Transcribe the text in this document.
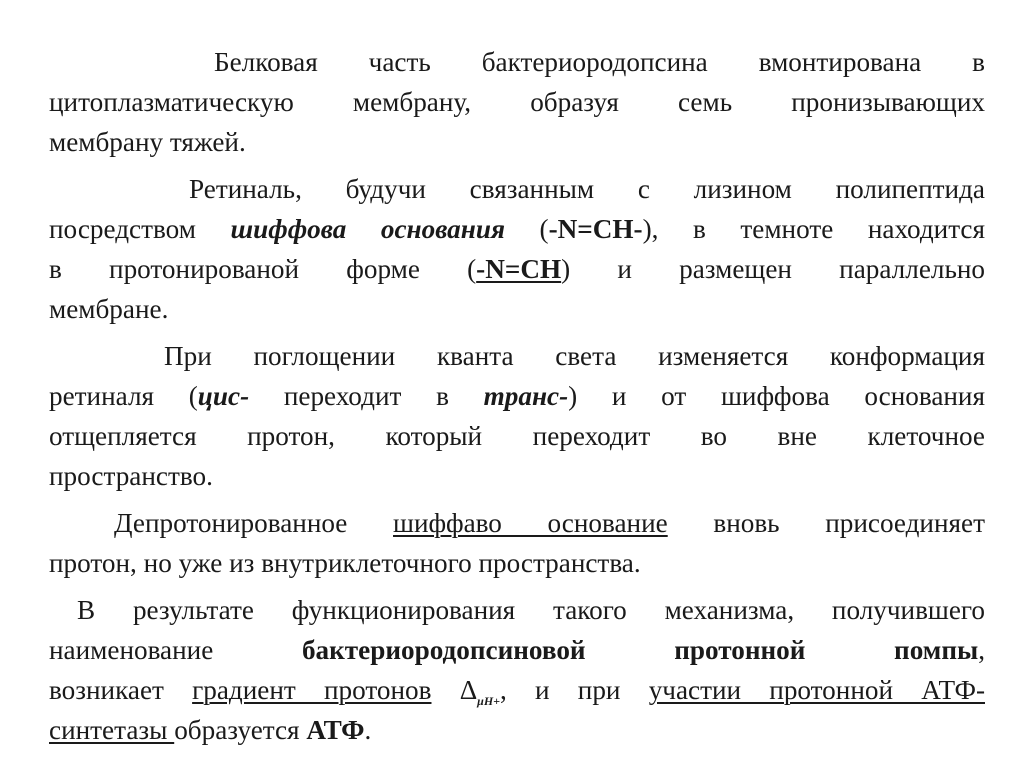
Белковая часть бактериородопсина вмонтирована в
цитоплазматическую мембрану, образуя семь пронизывающих
мембрану тяжей.
Ретиналь, будучи связанным с лизином полипептида
посредством шиффова основания (-N=CH-), в темноте находится
в протонированой форме (-N=CH) и размещен параллельно
мембране.
При поглощении кванта света изменяется конформация
ретиналя (цис- переходит в транс-) и от шиффова основания
отщепляется протон, который переходит во вне клеточное
пространство.
Депротонированное шиффаво основание вновь присоединяет
протон, но уже из внутриклеточного пространства.
В результате функционирования такого механизма, получившего
наименование бактериородопсиновой протонной помпы,
возникает градиент протонов $\Delta_{\mu H+}$, и при участии протонной АТФ-
синтетазы образуется АТФ.
